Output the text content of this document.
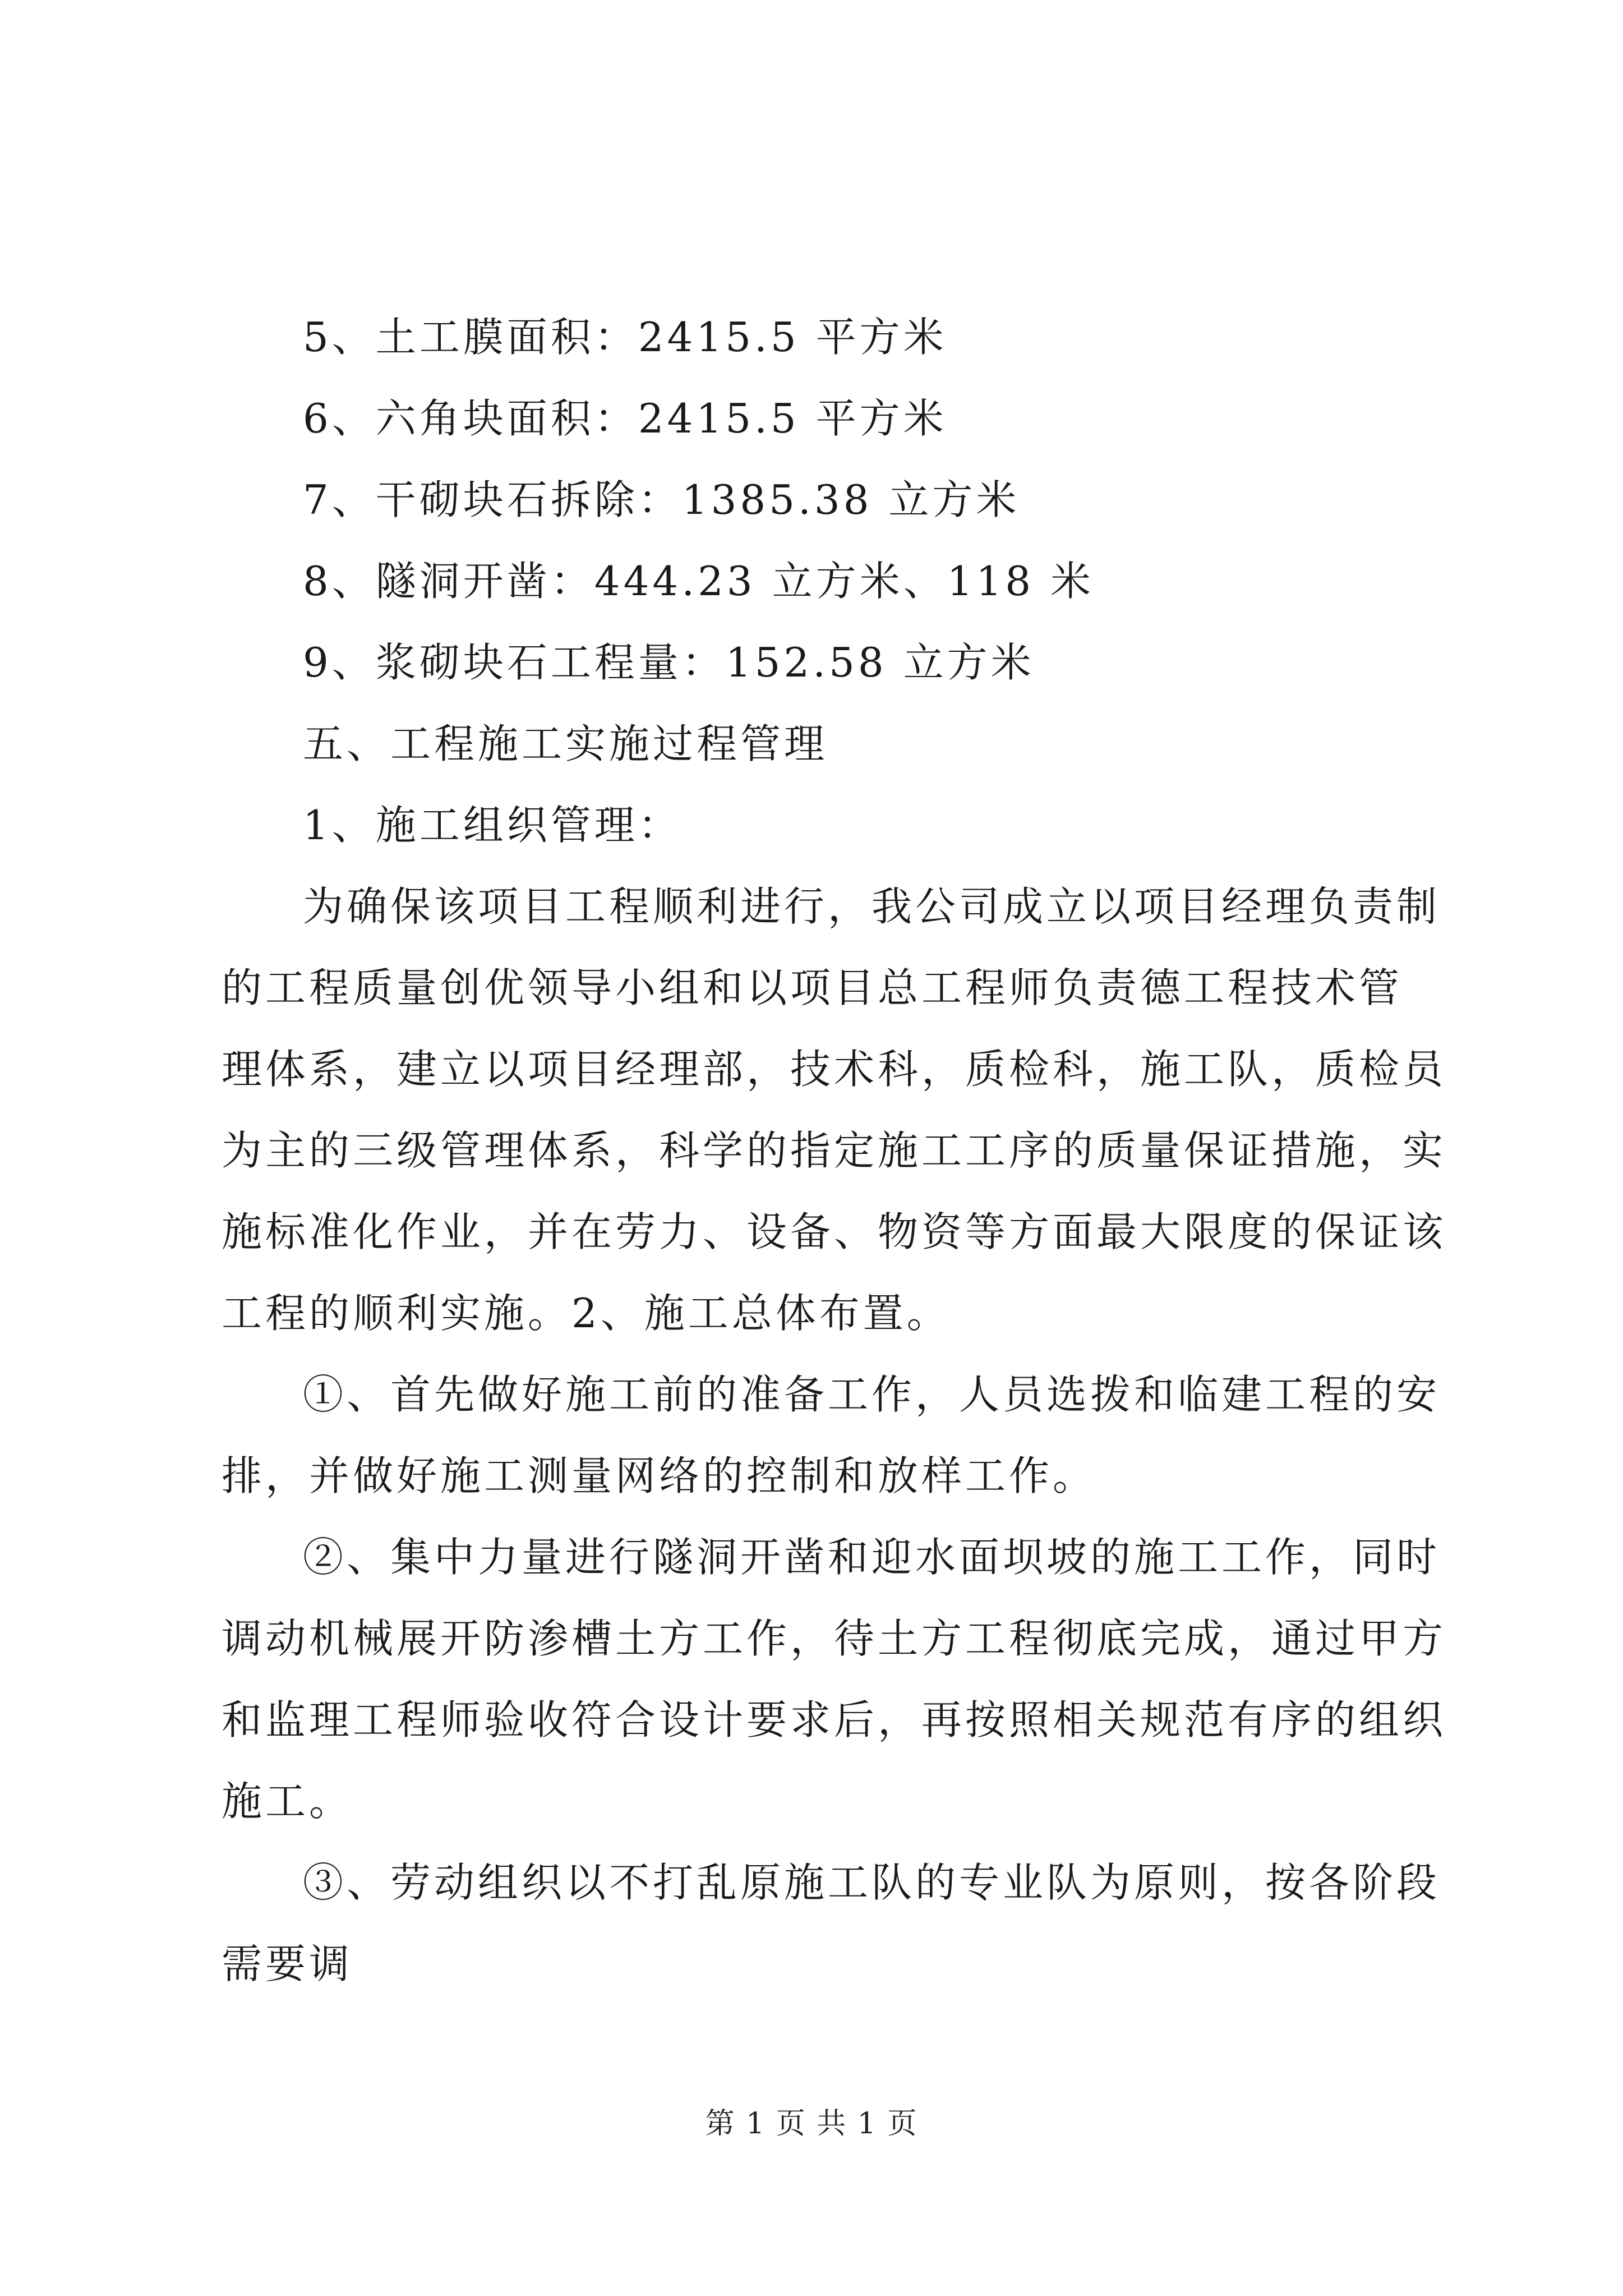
5、土工膜面积：2415.5 平方米
6、六角块面积：2415.5 平方米
7、干砌块石拆除：1385.38 立方米
8、隧洞开凿：444.23 立方米、118 米
9、浆砌块石工程量：152.58 立方米
五、工程施工实施过程管理
1、施工组织管理：
为确保该项目工程顺利进行，我公司成立以项目经理负责制
的工程质量创优领导小组和以项目总工程师负责德工程技术管
理体系，建立以项目经理部，技术科，质检科，施工队，质检员
为主的三级管理体系，科学的指定施工工序的质量保证措施，实
施标准化作业，并在劳力、设备、物资等方面最大限度的保证该
工程的顺利实施。2、施工总体布置。
①、首先做好施工前的准备工作，人员选拨和临建工程的安
排，并做好施工测量网络的控制和放样工作。
②、集中力量进行隧洞开凿和迎水面坝坡的施工工作，同时
调动机械展开防渗槽土方工作，待土方工程彻底完成，通过甲方
和监理工程师验收符合设计要求后，再按照相关规范有序的组织
施工。
③、劳动组织以不打乱原施工队的专业队为原则，按各阶段
需要调
第 1 页 共 1 页
